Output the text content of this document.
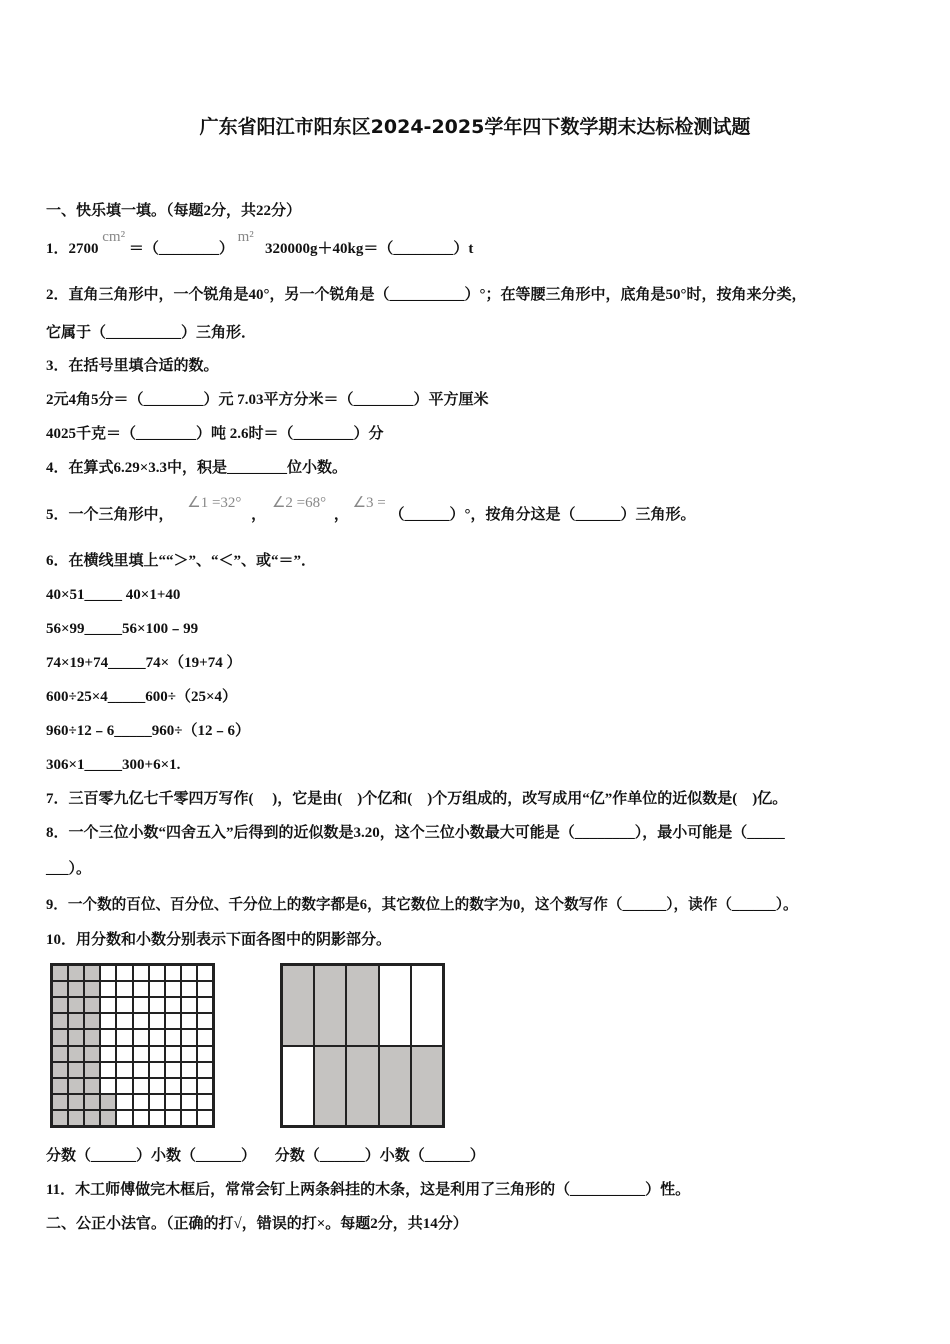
广东省阳江市阳东区2024-2025学年四下数学期末达标检测试题
一、快乐填一填。（每题2分，共22分）
1．2700 cm² ＝（________） m²   320000g＋40kg＝（________）t
2．直角三角形中，一个锐角是40°，另一个锐角是（__________）°；在等腰三角形中，底角是50°时，按角来分类，
它属于（__________）三角形．
3．在括号里填合适的数。
2元4角5分＝（________）元 7.03平方分米＝（________）平方厘米
4025千克＝（________）吨 2.6时＝（________）分
4．在算式6.29×3.3中，积是________位小数。
5．一个三角形中， ∠1 =32° ， ∠2 =68° ， ∠3 = （______）°，按角分这是（______）三角形。
6．在横线里填上““＞”、“＜”、或“＝”．
40×51_____ 40×1+40
56×99_____56×100﹣99
74×19+74_____74×（19+74 ）
600÷25×4_____600÷（25×4）
960÷12﹣6_____960÷（12﹣6）
306×1_____300+6×1.
7．三百零九亿七千零四万写作(　 )，它是由(　)个亿和(　)个万组成的，改写成用“亿”作单位的近似数是(　)亿。
8．一个三位小数“四舍五入”后得到的近似数是3.20，这个三位小数最大可能是（________），最小可能是（_____
___）。
9．一个数的百位、百分位、千分位上的数字都是6，其它数位上的数字为0，这个数写作（______），读作（______）。
10．用分数和小数分别表示下面各图中的阴影部分。
分数（______）小数（______）     分数（______）小数（______）
11．木工师傅做完木框后，常常会钉上两条斜挂的木条，这是利用了三角形的（__________）性。
二、公正小法官。（正确的打√，错误的打×。每题2分，共14分）
